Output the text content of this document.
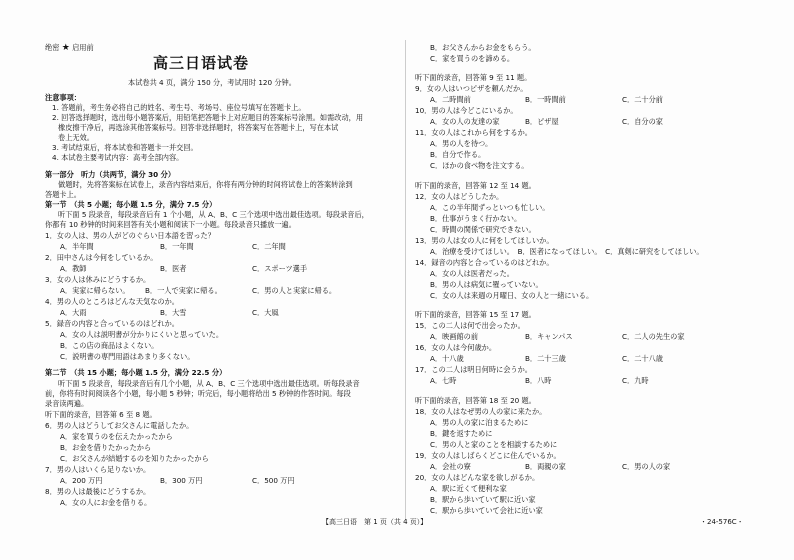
绝密 ★ 启用前
高三日语试卷
本试卷共 4 页，满分 150 分，考试用时 120 分钟。
注意事项：
1. 答题前，考生务必将自己的姓名、考生号、考场号、座位号填写在答题卡上。
2. 回答选择题时，选出每小题答案后，用铅笔把答题卡上对应题目的答案标号涂黑。如需改动，用
橡皮擦干净后，再选涂其他答案标号。回答非选择题时，将答案写在答题卡上，写在本试
卷上无效。
3. 考试结束后，将本试卷和答题卡一并交回。
4. 本试卷主要考试内容：高考全部内容。
第一部分　听力（共两节，满分 30 分）
做题时，先将答案标在试卷上，录音内容结束后，你将有两分钟的时间将试卷上的答案转涂到
答题卡上。
第一节　（共 5 小题；每小题 1.5 分，满分 7.5 分）
听下面 5 段录音，每段录音后有 1 个小题，从 A、B、C 三个选项中选出最佳选项。每段录音后，
你都有 10 秒钟的时间来回答有关小题和阅读下一小题。每段录音只播放一遍。
1．女の人は、男の人がどのぐらい日本語を習った？
A．半年間	B．一年間	C．二年間
2．田中さんは今何をしているか。
A．教師	B．医者	C．スポーツ選手
3．女の人は休みにどうするか。
A．実家に帰らない。 B．一人で実家に帰る。	C．男の人と実家に帰る。
4．男の人のところはどんな天気なのか。
A．大雨	B．大雪	C．大風
5．録音の内容と合っているのはどれか。
A．女の人は説明書が分かりにくいと思っていた。
B．この店の商品はよくない。
C．説明書の専門用語はあまり多くない。
第二节　（共 15 小题；每小题 1.5 分，满分 22.5 分）
听下面 5 段录音，每段录音后有几个小题，从 A、B、C 三个选项中选出最佳选项。听每段录音
前，你将有时间阅读各个小题，每小题 5 秒钟；听完后，每小题将给出 5 秒钟的作答时间。每段
录音读两遍。
听下面的录音，回答第 6 至 8 题。
6．男の人はどうしてお父さんに電話したか。
A．家を買うのを伝えたかったから
B．お金を借りたかったから
C．お父さんが結婚するのを知りたかったから
7．男の人はいくら足りないか。
A．200 万円	B．300 万円	C．500 万円
8．男の人は最後にどうするか。
A．女の人にお金を借りる。
B．お父さんからお金をもらう。
C．家を買うのを諦める。
听下面的录音，回答第 9 至 11 题。
9．女の人はいつピザを頼んだか。
A．二時間前	B．一時間前	C．二十分前
10．男の人は今どこにいるか。
A．女の人の友達の家	B．ピザ屋	C．自分の家
11．女の人はこれから何をするか。
A．男の人を待つ。
B．自分で作る。
C．ほかの食べ物を注文する。
听下面的录音，回答第 12 至 14 题。
12．女の人はどうしたか。
A．この半年間ずっといつも忙しい。
B．仕事がうまく行かない。
C．時間の関係で研究できない。
13．男の人は女の人に何をしてほしいか。
A．治療を受けてほしい。　B．医者になってほしい。　C．真剣に研究をしてほしい。
14．録音の内容と合っているのはどれか。
A．女の人は医者だった。
B．男の人は病気に罹っていない。
C．女の人は来週の月曜日、女の人と一緒にいる。
听下面的录音，回答第 15 至 17 题。
15．この二人は何で出会ったか。
A．映画館の前	B．キャンパス	C．二人の先生の家
16．女の人は今何歳か。
A．十八歳	B．二十三歳	C．二十八歳
17．この二人は明日何時に会うか。
A．七時	B．八時	C．九時
听下面的录音，回答第 18 至 20 题。
18．女の人はなぜ男の人の家に来たか。
A．男の人の家に泊まるために
B．鍵を返すために
C．男の人と家のことを相談するために
19．女の人はしばらくどこに住んでいるか。
A．会社の寮	B．両親の家	C．男の人の家
20．女の人はどんな家を欲しがるか。
A．駅に近くて便利な家
B．駅から歩いていて駅に近い家
C．駅から歩いていて会社に近い家
【高三日语　第 1 页（共 4 页）】	・24-576C・
